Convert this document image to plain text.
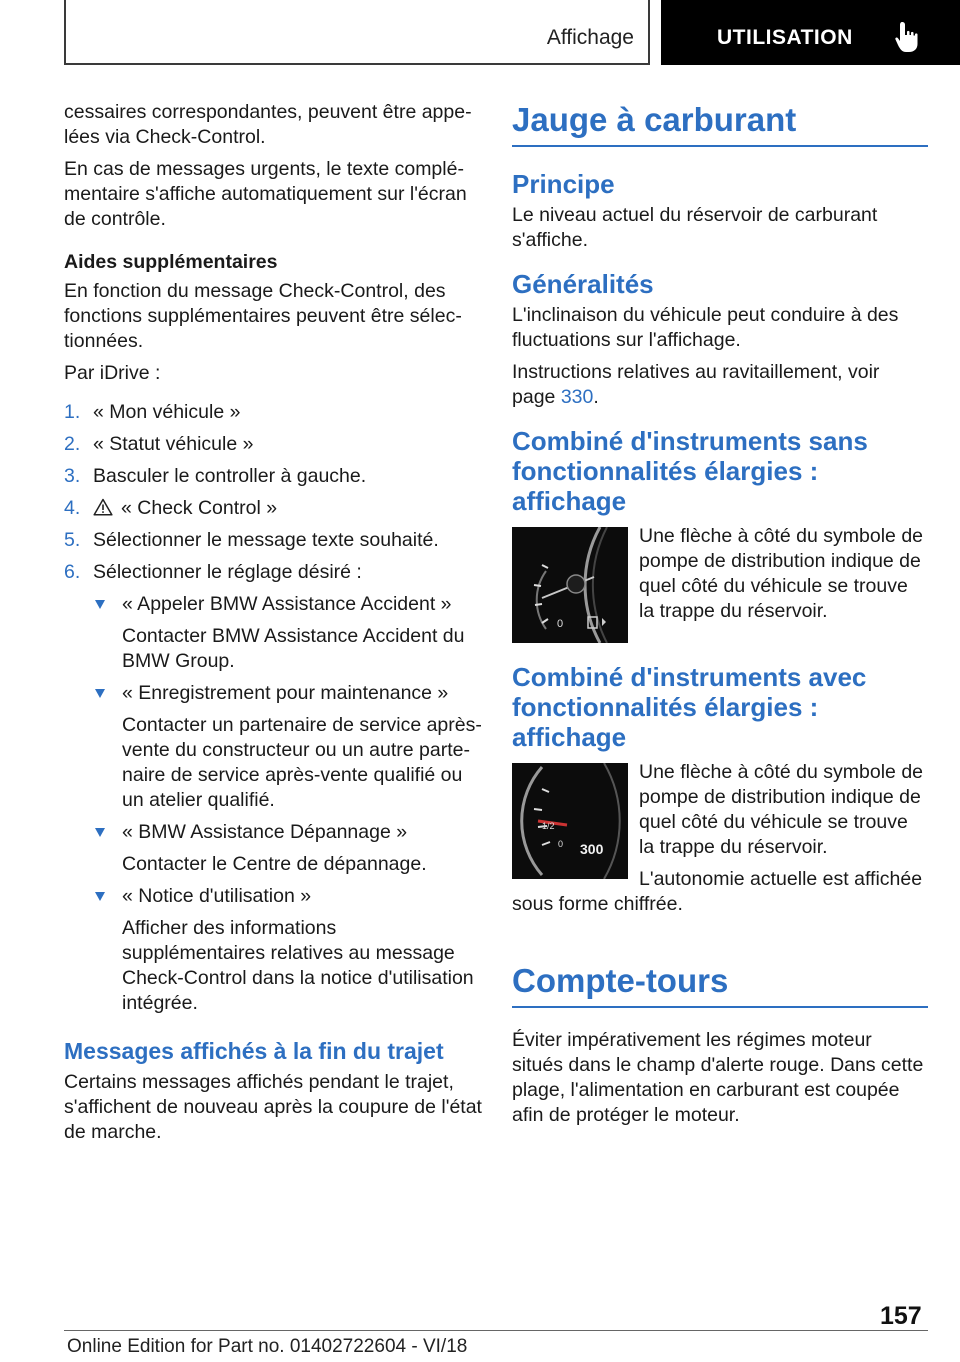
Affichage	UTILISATION

cessaires correspondantes, peuvent être appelées via Check-Control.

En cas de messages urgents, le texte complémentaire s'affiche automatiquement sur l'écran de contrôle.

Aides supplémentaires

En fonction du message Check-Control, des fonctions supplémentaires peuvent être sélectionnées.

Par iDrive :

1. « Mon véhicule »
2. « Statut véhicule »
3. Basculer le controller à gauche.
4. « Check Control »
5. Sélectionner le message texte souhaité.
6. Sélectionner le réglage désiré :
« Appeler BMW Assistance Accident »
Contacter BMW Assistance Accident du BMW Group.
« Enregistrement pour maintenance »
Contacter un partenaire de service après-vente du constructeur ou un autre partenaire de service après-vente qualifié ou un atelier qualifié.
« BMW Assistance Dépannage »
Contacter le Centre de dépannage.
« Notice d'utilisation »
Afficher des informations supplémentaires relatives au message Check-Control dans la notice d'utilisation intégrée.
Messages affichés à la fin du trajet

Certains messages affichés pendant le trajet, s'affichent de nouveau après la coupure de l'état de marche.

Jauge à carburant
Principe

Le niveau actuel du réservoir de carburant s'affiche.

Généralités

L'inclinaison du véhicule peut conduire à des fluctuations sur l'affichage.

Instructions relatives au ravitaillement, voir page 330.

Combiné d'instruments sans fonctionnalités élargies : affichage
0

Une flèche à côté du symbole de pompe de distribution indique de quel côté du véhicule se trouve la trappe du réservoir.

Combiné d'instruments avec fonctionnalités élargies : affichage
1/2
0 300

Une flèche à côté du symbole de pompe de distribution indique de quel côté du véhicule se trouve la trappe du réservoir.

L'autonomie actuelle est affichée sous forme chiffrée.

Compte-tours

Éviter impérativement les régimes moteur situés dans le champ d'alerte rouge. Dans cette plage, l'alimentation en carburant est coupée afin de protéger le moteur.

157
Online Edition for Part no. 01402722604 - VI/18
